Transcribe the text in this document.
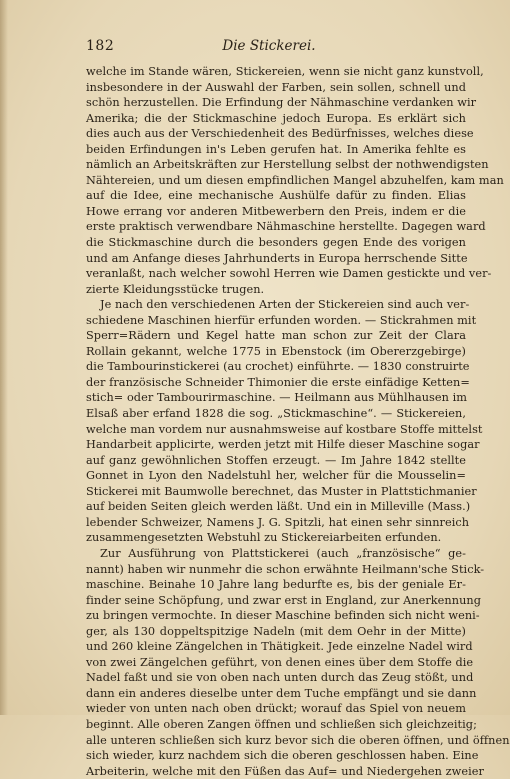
182	Die Stickerei.
welche im Stande wären, Stickereien, wenn sie nicht ganz kunstvoll,
insbesondere in der Auswahl der Farben, sein sollen, schnell und
schön herzustellen. Die Erfindung der Nähmaschine verdanken wir
Amerika; die der Stickmaschine jedoch Europa. Es erklärt sich
dies auch aus der Verschiedenheit des Bedürfnisses, welches diese
beiden Erfindungen in's Leben gerufen hat. In Amerika fehlte es
nämlich an Arbeitskräften zur Herstellung selbst der nothwendigsten
Nähtereien, und um diesen empfindlichen Mangel abzuhelfen, kam man
auf die Idee, eine mechanische Aushülfe dafür zu finden. Elias
Howe errang vor anderen Mitbewerbern den Preis, indem er die
erste praktisch verwendbare Nähmaschine herstellte. Dagegen ward
die Stickmaschine durch die besonders gegen Ende des vorigen
und am Anfange dieses Jahrhunderts in Europa herrschende Sitte
veranlaßt, nach welcher sowohl Herren wie Damen gestickte und ver-
zierte Kleidungsstücke trugen.
Je nach den verschiedenen Arten der Stickereien sind auch ver-
schiedene Maschinen hierfür erfunden worden. — Stickrahmen mit
Sperr=Rädern und Kegel hatte man schon zur Zeit der Clara
Rollain gekannt, welche 1775 in Ebenstock (im Obererzgebirge)
die Tambourinstickerei (au crochet) einführte. — 1830 construirte
der französische Schneider Thimonier die erste einfädige Ketten=
stich= oder Tambourirmaschine. — Heilmann aus Mühlhausen im
Elsaß aber erfand 1828 die sog. „Stickmaschine“. — Stickereien,
welche man vordem nur ausnahmsweise auf kostbare Stoffe mittelst
Handarbeit applicirte, werden jetzt mit Hilfe dieser Maschine sogar
auf ganz gewöhnlichen Stoffen erzeugt. — Im Jahre 1842 stellte
Gonnet in Lyon den Nadelstuhl her, welcher für die Mousselin=
Stickerei mit Baumwolle berechnet, das Muster in Plattstichmanier
auf beiden Seiten gleich werden läßt. Und ein in Milleville (Mass.)
lebender Schweizer, Namens J. G. Spitzli, hat einen sehr sinnreich
zusammengesetzten Webstuhl zu Stickereiarbeiten erfunden.
Zur Ausführung von Plattstickerei (auch „französische“ ge-
nannt) haben wir nunmehr die schon erwähnte Heilmann'sche Stick-
maschine. Beinahe 10 Jahre lang bedurfte es, bis der geniale Er-
finder seine Schöpfung, und zwar erst in England, zur Anerkennung
zu bringen vermochte. In dieser Maschine befinden sich nicht weni-
ger, als 130 doppeltspitzige Nadeln (mit dem Oehr in der Mitte)
und 260 kleine Zängelchen in Thätigkeit. Jede einzelne Nadel wird
von zwei Zängelchen geführt, von denen eines über dem Stoffe die
Nadel faßt und sie von oben nach unten durch das Zeug stößt, und
dann ein anderes dieselbe unter dem Tuche empfängt und sie dann
wieder von unten nach oben drückt; worauf das Spiel von neuem
beginnt. Alle oberen Zangen öffnen und schließen sich gleichzeitig;
alle unteren schließen sich kurz bevor sich die oberen öffnen, und öffnen
sich wieder, kurz nachdem sich die oberen geschlossen haben. Eine
Arbeiterin, welche mit den Füßen das Auf= und Niedergehen zweier
